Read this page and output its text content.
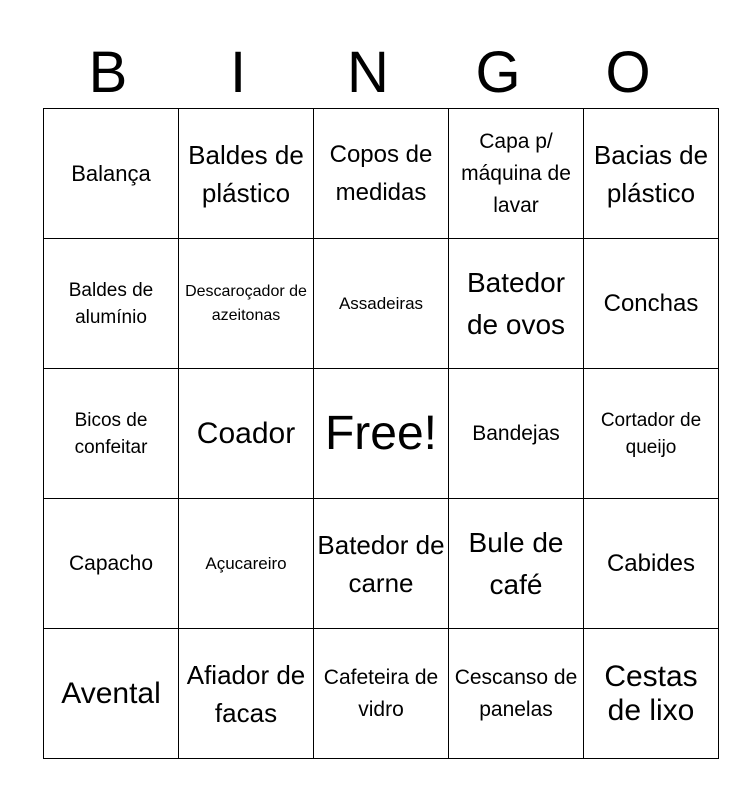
B	I	N	G	O
Balança	Baldes de plástico	Copos de medidas	Capa p/ máquina de lavar	Bacias de plástico
Baldes de alumínio	Descaroçador de azeitonas	Assadeiras	Batedor de ovos	Conchas
Bicos de confeitar	Coador	Free!	Bandejas	Cortador de queijo
Capacho	Açucareiro	Batedor de carne	Bule de café	Cabides
Avental	Afiador de facas	Cafeteira de vidro	Cescanso de panelas	Cestas de lixo
